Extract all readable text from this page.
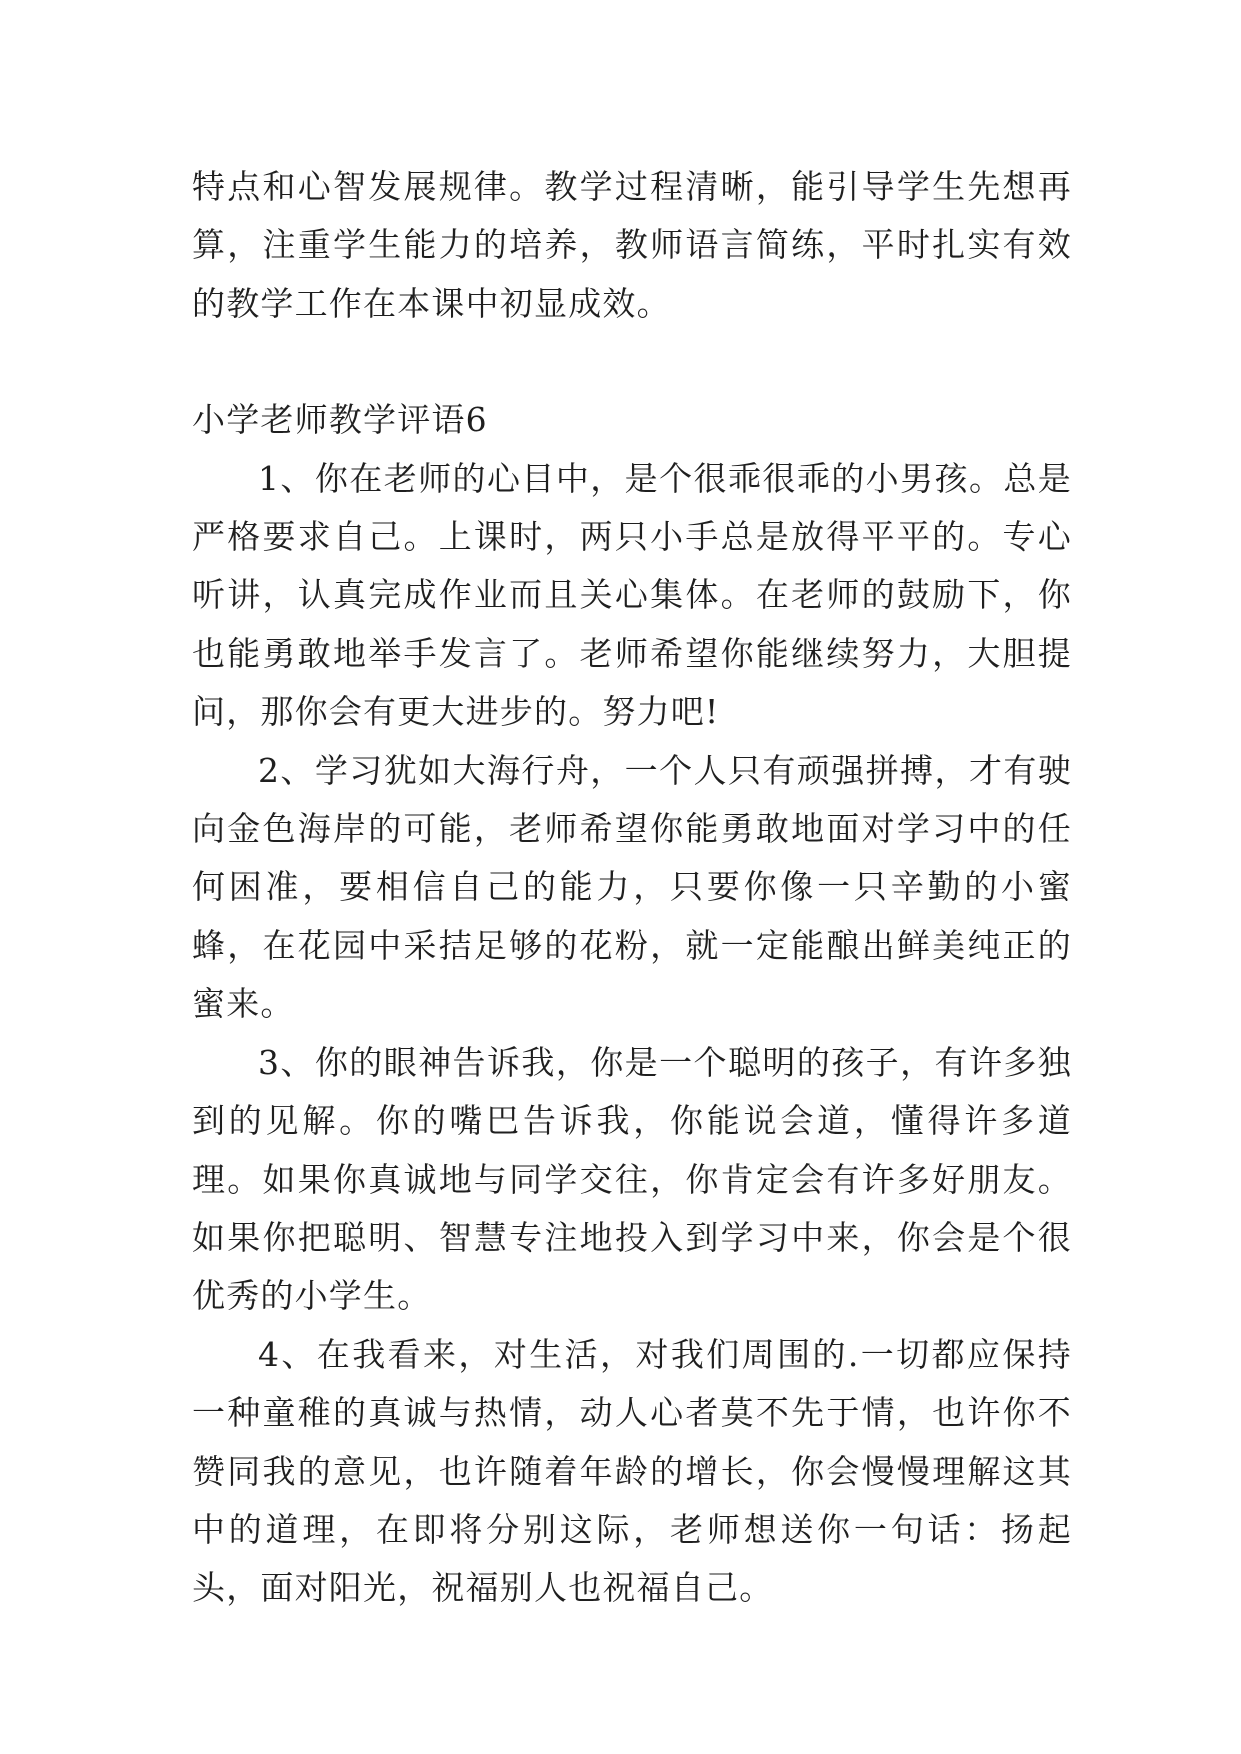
特点和心智发展规律。教学过程清晰，能引导学生先想再算，注重学生能力的培养，教师语言简练，平时扎实有效的教学工作在本课中初显成效。

小学老师教学评语6

1、你在老师的心目中，是个很乖很乖的小男孩。总是严格要求自己。上课时，两只小手总是放得平平的。专心听讲，认真完成作业而且关心集体。在老师的鼓励下，你也能勇敢地举手发言了。老师希望你能继续努力，大胆提问，那你会有更大进步的。努力吧!

2、学习犹如大海行舟，一个人只有顽强拼搏，才有驶向金色海岸的可能，老师希望你能勇敢地面对学习中的任何困准，要相信自己的能力，只要你像一只辛勤的小蜜蜂，在花园中采拮足够的花粉，就一定能酿出鲜美纯正的蜜来。

3、你的眼神告诉我，你是一个聪明的孩子，有许多独到的见解。你的嘴巴告诉我，你能说会道，懂得许多道理。如果你真诚地与同学交往，你肯定会有许多好朋友。如果你把聪明、智慧专注地投入到学习中来，你会是个很优秀的小学生。

4、在我看来，对生活，对我们周围的.一切都应保持一种童稚的真诚与热情，动人心者莫不先于情，也许你不赞同我的意见，也许随着年龄的增长，你会慢慢理解这其中的道理，在即将分别这际，老师想送你一句话：扬起头，面对阳光，祝福别人也祝福自己。
